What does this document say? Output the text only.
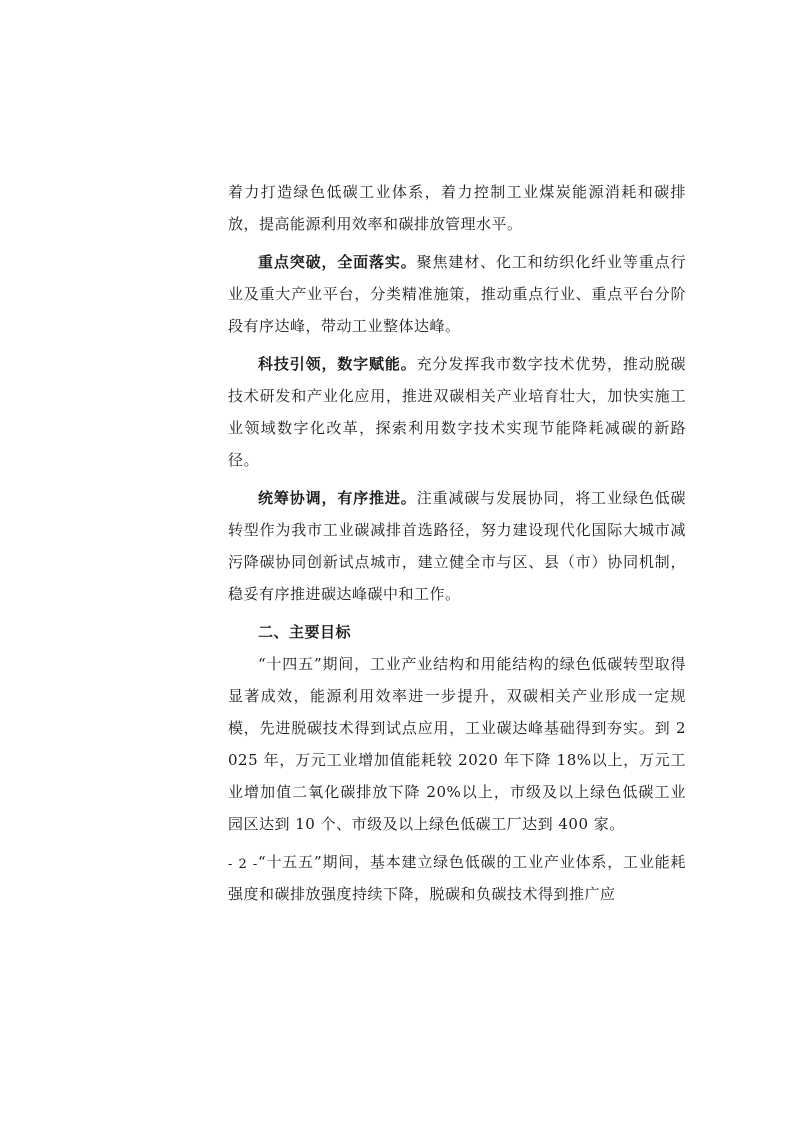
着力打造绿色低碳工业体系，着力控制工业煤炭能源消耗和碳排放，提高能源利用效率和碳排放管理水平。

重点突破，全面落实。聚焦建材、化工和纺织化纤业等重点行业及重大产业平台，分类精准施策，推动重点行业、重点平台分阶段有序达峰，带动工业整体达峰。

科技引领，数字赋能。充分发挥我市数字技术优势，推动脱碳技术研发和产业化应用，推进双碳相关产业培育壮大，加快实施工业领域数字化改革，探索利用数字技术实现节能降耗减碳的新路径。

统筹协调，有序推进。注重减碳与发展协同，将工业绿色低碳转型作为我市工业碳减排首选路径，努力建设现代化国际大城市减污降碳协同创新试点城市，建立健全市与区、县（市）协同机制，稳妥有序推进碳达峰碳中和工作。

二、主要目标

“十四五”期间，工业产业结构和用能结构的绿色低碳转型取得显著成效，能源利用效率进一步提升，双碳相关产业形成一定规模，先进脱碳技术得到试点应用，工业碳达峰基础得到夯实。到 2025 年，万元工业增加值能耗较 2020 年下降 18%以上，万元工业增加值二氧化碳排放下降 20%以上，市级及以上绿色低碳工业园区达到 10 个、市级及以上绿色低碳工厂达到 400 家。

“十五五”期间，基本建立绿色低碳的工业产业体系，工业能耗强度和碳排放强度持续下降，脱碳和负碳技术得到推广应

- 2 -
